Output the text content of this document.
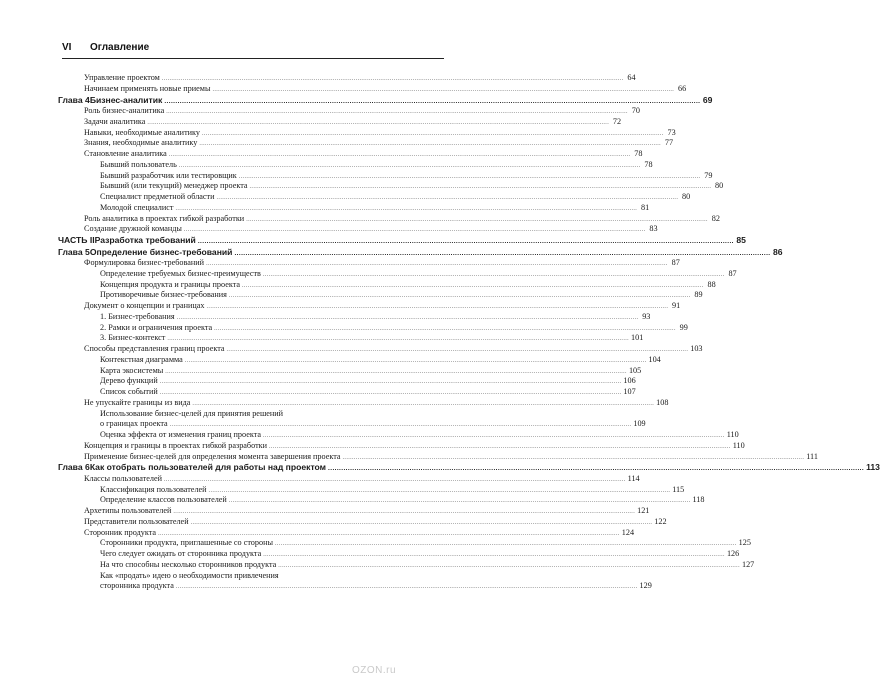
VI	Оглавление
Управление проектом .....	64
Начинаем применять новые приемы .....	66
Глава 4 Бизнес-аналитик .....	69
Роль бизнес-аналитика .....	70
Задачи аналитика .....	72
Навыки, необходимые аналитику .....	73
Знания, необходимые аналитику .....	77
Становление аналитика .....	78
Бывший пользователь .....	78
Бывший разработчик или тестировщик .....	79
Бывший (или текущий) менеджер проекта .....	80
Специалист предметной области .....	80
Молодой специалист .....	81
Роль аналитика в проектах гибкой разработки .....	82
Создание дружной команды .....	83
ЧАСТЬ II Разработка требований .....	85
Глава 5 Определение бизнес-требований .....	86
Формулировка бизнес-требований .....	87
Определение требуемых бизнес-преимуществ .....	87
Концепция продукта и границы проекта .....	88
Противоречивые бизнес-требования .....	89
Документ о концепции и границах .....	91
1. Бизнес-требования .....	93
2. Рамки и ограничения проекта .....	99
3. Бизнес-контекст .....	101
Способы представления границ проекта .....	103
Контекстная диаграмма .....	104
Карта экосистемы .....	105
Дерево функций .....	106
Список событий .....	107
Не упускайте границы из вида .....	108
Использование бизнес-целей для принятия решений
о границах проекта .....	109
Оценка эффекта от изменения границ проекта .....	110
Концепция и границы в проектах гибкой разработки .....	110
Применение бизнес-целей для определения момента завершения проекта .....	111
Глава 6 Как отобрать пользователей для работы над проектом .....	113
Классы пользователей .....	114
Классификация пользователей .....	115
Определение классов пользователей .....	118
Архетипы пользователей .....	121
Представители пользователей .....	122
Сторонник продукта .....	124
Сторонники продукта, приглашенные со стороны .....	125
Чего следует ожидать от сторонника продукта .....	126
На что способны несколько сторонников продукта .....	127
Как «продать» идею о необходимости привлечения
сторонника продукта .....	129
OZON.ru
